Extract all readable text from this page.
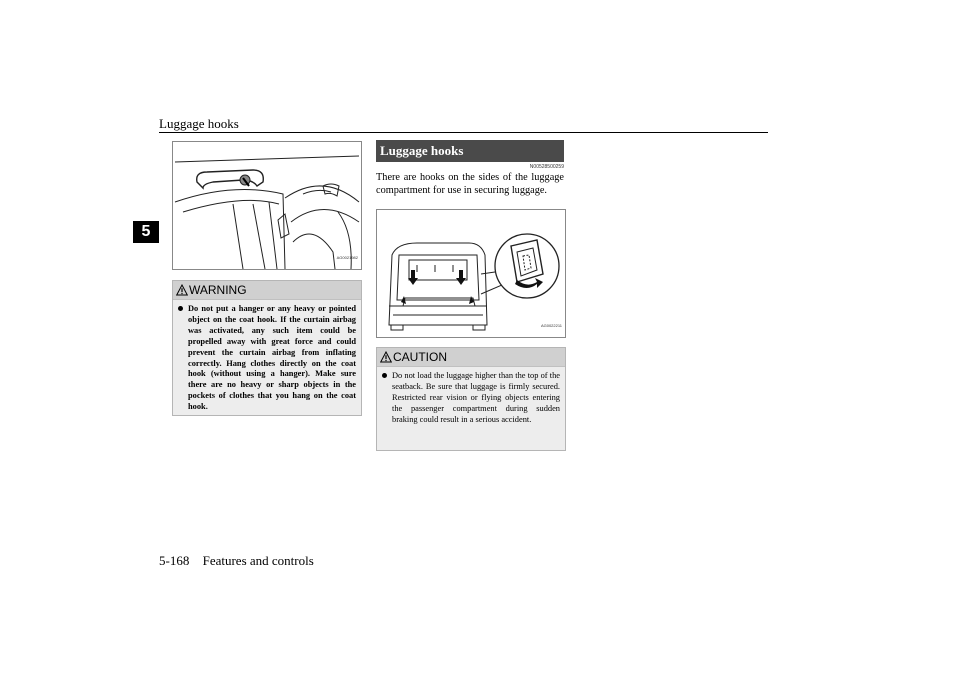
Luggage hooks
5
AG0021982
WARNING
Do not put a hanger or any heavy or pointed object on the coat hook. If the curtain airbag was activated, any such item could be propelled away with great force and could prevent the curtain airbag from inflating correctly. Hang clothes directly on the coat hook (without using a hanger). Make sure there are no heavy or sharp objects in the pockets of clothes that you hang on the coat hook.
Luggage hooks
N00528500259
There are hooks on the sides of the luggage compartment for use in securing luggage.
AG0022211
CAUTION
Do not load the luggage higher than the top of the seatback. Be sure that luggage is firmly secured. Restricted rear vision or flying objects entering the passenger compartment during sudden braking could result in a serious accident.
5-168 Features and controls
